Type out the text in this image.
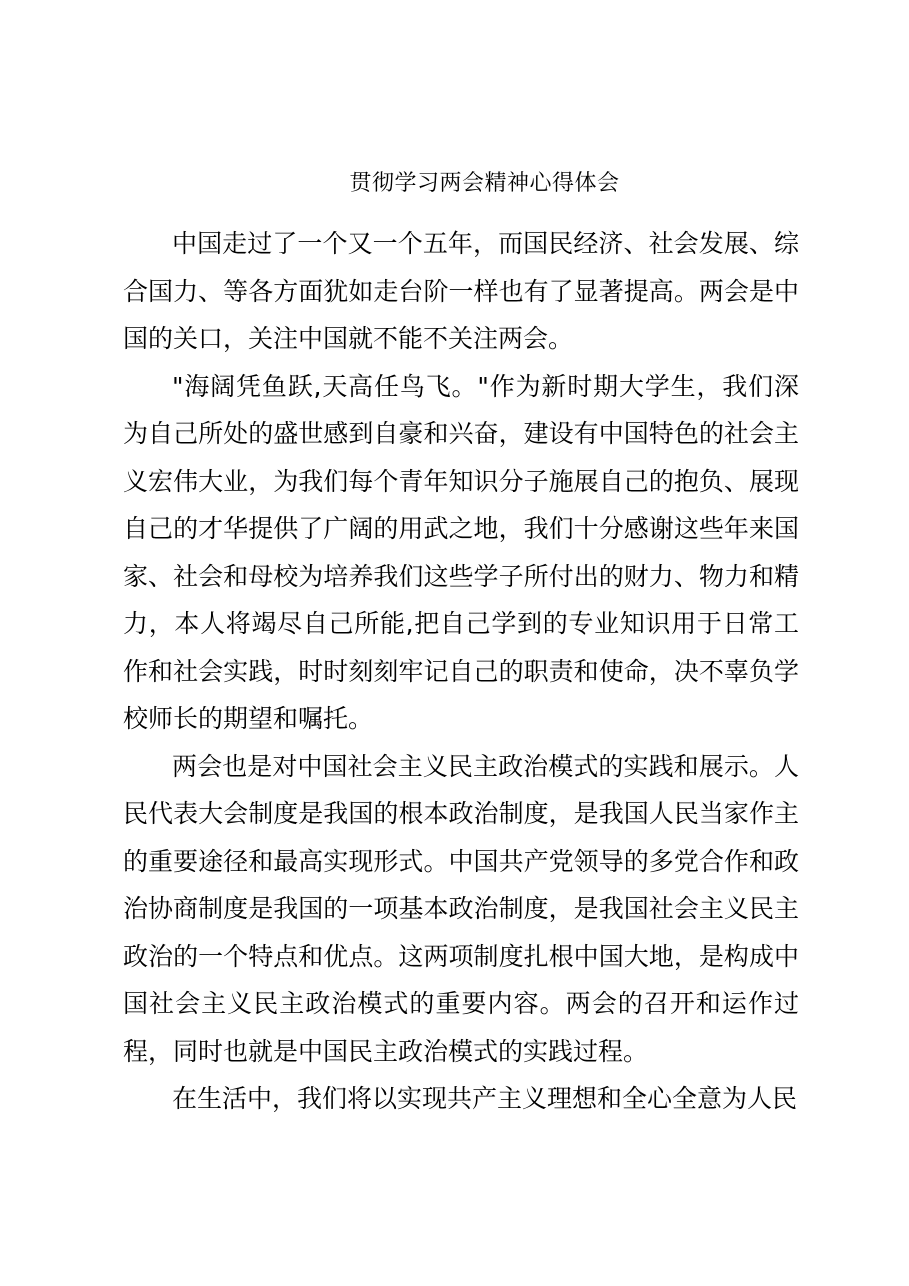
贯彻学习两会精神心得体会

中国走过了一个又一个五年，而国民经济、社会发展、综合国力、等各方面犹如走台阶一样也有了显著提高。两会是中国的关口，关注中国就不能不关注两会。

"海阔凭鱼跃,天高任鸟飞。"作为新时期大学生，我们深为自己所处的盛世感到自豪和兴奋，建设有中国特色的社会主义宏伟大业，为我们每个青年知识分子施展自己的抱负、展现自己的才华提供了广阔的用武之地，我们十分感谢这些年来国家、社会和母校为培养我们这些学子所付出的财力、物力和精力，本人将竭尽自己所能,把自己学到的专业知识用于日常工作和社会实践，时时刻刻牢记自己的职责和使命，决不辜负学校师长的期望和嘱托。

两会也是对中国社会主义民主政治模式的实践和展示。人民代表大会制度是我国的根本政治制度，是我国人民当家作主的重要途径和最高实现形式。中国共产党领导的多党合作和政治协商制度是我国的一项基本政治制度，是我国社会主义民主政治的一个特点和优点。这两项制度扎根中国大地，是构成中国社会主义民主政治模式的重要内容。两会的召开和运作过程，同时也就是中国民主政治模式的实践过程。

在生活中，我们将以实现共产主义理想和全心全意为人民
